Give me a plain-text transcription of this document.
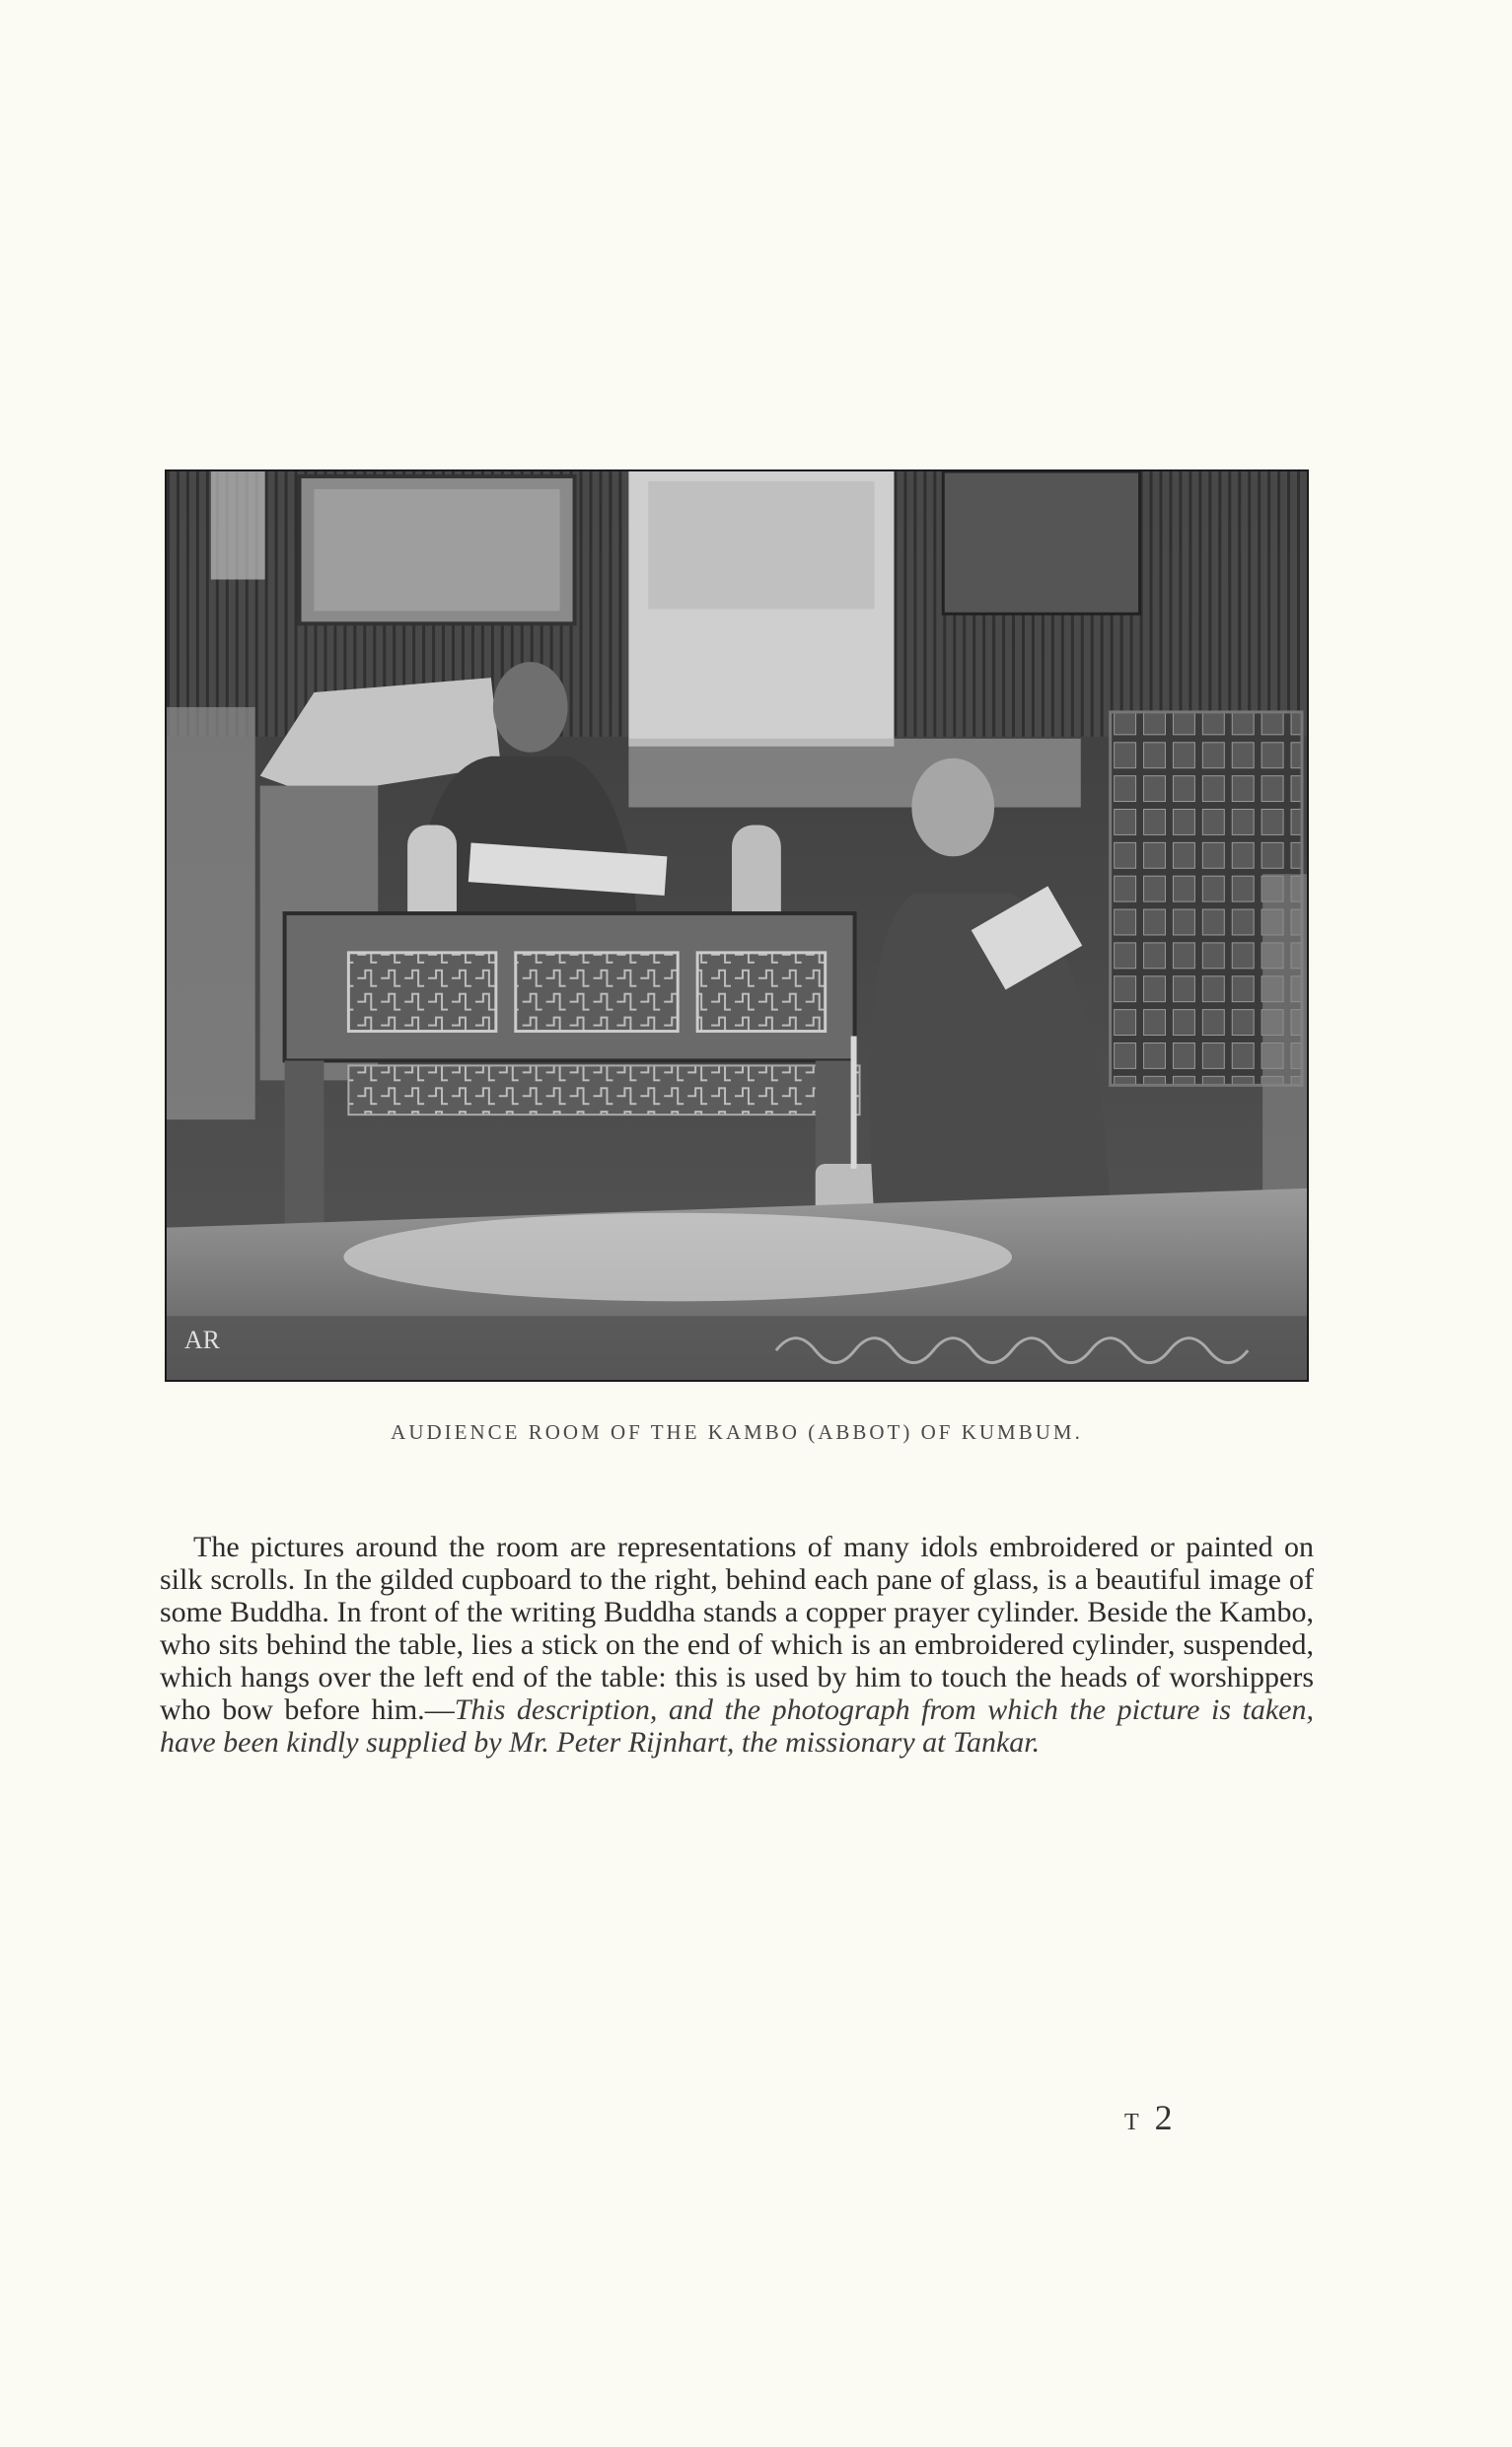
AR
AUDIENCE ROOM OF THE KAMBO (ABBOT) OF KUMBUM.
The pictures around the room are representations of many idols embroidered or painted on silk scrolls. In the gilded cupboard to the right, behind each pane of glass, is a beautiful image of some Buddha. In front of the writing Buddha stands a copper prayer cylinder. Beside the Kambo, who sits behind the table, lies a stick on the end of which is an embroidered cylinder, suspended, which hangs over the left end of the table: this is used by him to touch the heads of worshippers who bow before him.—This description, and the photograph from which the picture is taken, have been kindly supplied by Mr. Peter Rijnhart, the missionary at Tankar.
T 2
